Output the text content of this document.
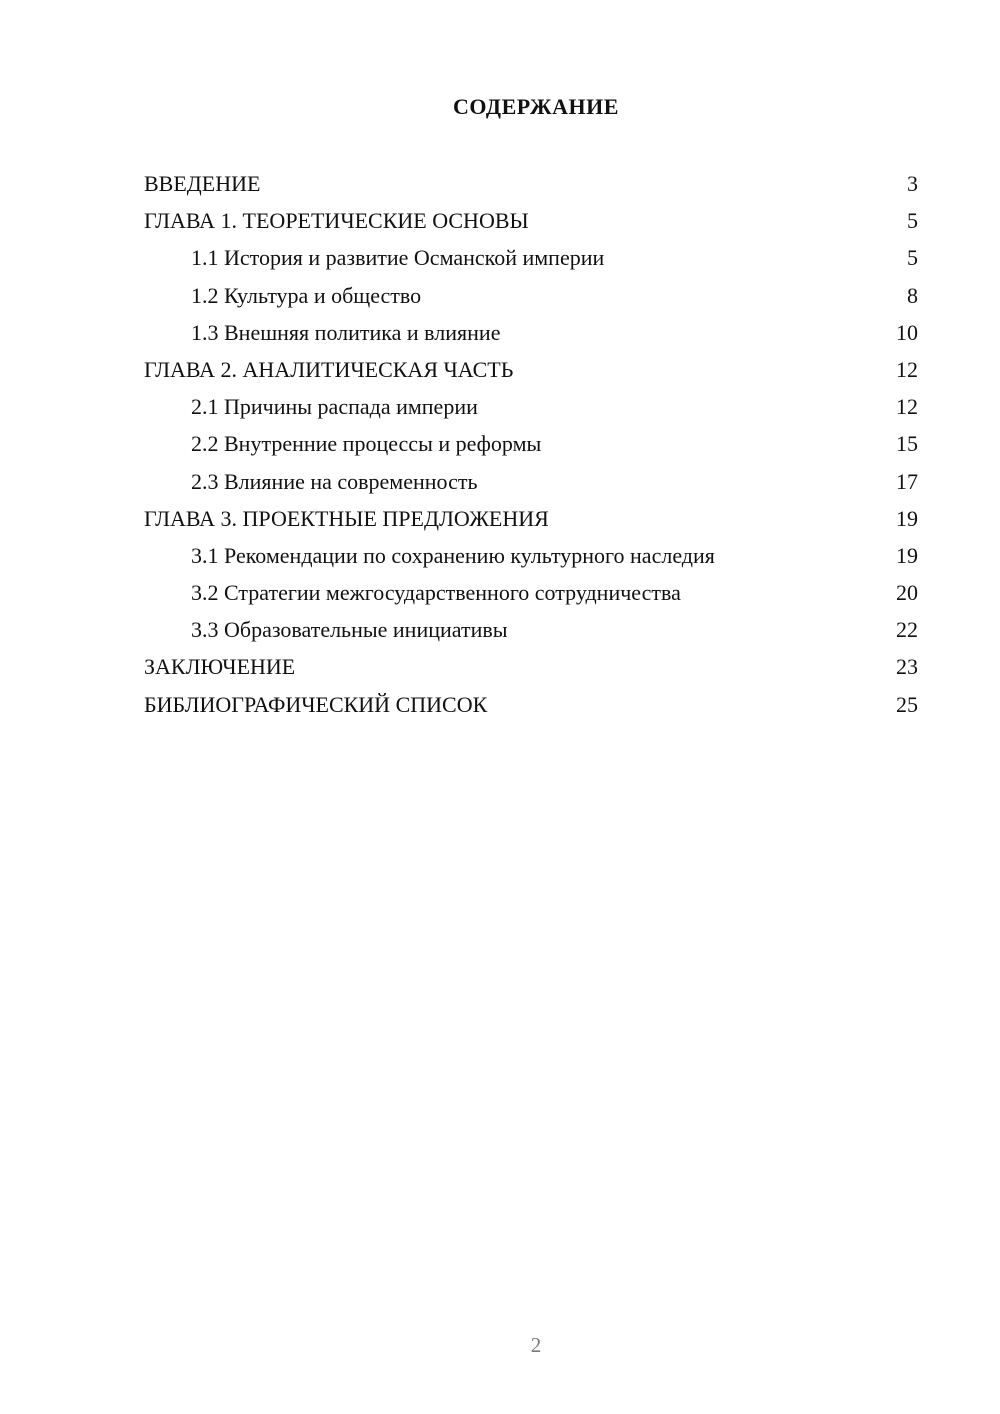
СОДЕРЖАНИЕ
ВВЕДЕНИЕ	3
ГЛАВА 1. ТЕОРЕТИЧЕСКИЕ ОСНОВЫ	5
1.1 История и развитие Османской империи	5
1.2 Культура и общество	8
1.3 Внешняя политика и влияние	10
ГЛАВА 2. АНАЛИТИЧЕСКАЯ ЧАСТЬ	12
2.1 Причины распада империи	12
2.2 Внутренние процессы и реформы	15
2.3 Влияние на современность	17
ГЛАВА 3. ПРОЕКТНЫЕ ПРЕДЛОЖЕНИЯ	19
3.1 Рекомендации по сохранению культурного наследия	19
3.2 Стратегии межгосударственного сотрудничества	20
3.3 Образовательные инициативы	22
ЗАКЛЮЧЕНИЕ	23
БИБЛИОГРАФИЧЕСКИЙ СПИСОК	25
2
